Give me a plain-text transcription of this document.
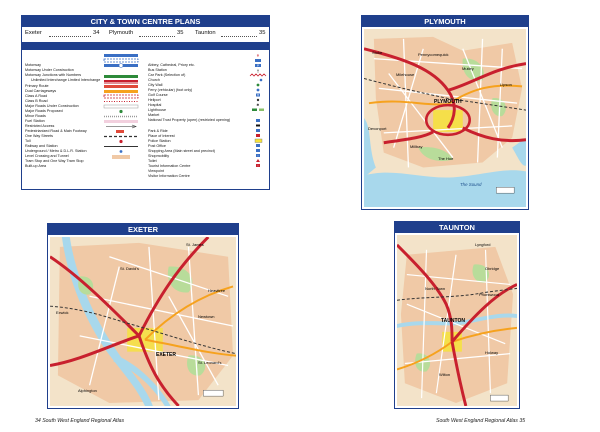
CITY & TOWN CENTRE PLANS
Exeter	34 Plymouth	35 Taunton	35
Reference to Town Plans
Motorway
Motorway Under Construction
Motorway Junctions with Numbers
Unlimited Interchange Limited Interchange
Primary Route
Dual Carriageways
Class A Road
Class B Road
Major Roads Under Construction
Major Roads Proposed
Minor Roads
Fuel Station
Restricted Access
Pedestrianized Road & Main Footway
One Way Streets
Toll
Railway and Station
Underground / Metro & D.L.R. Station
Level Crossing and Tunnel
Tram Stop and One Way Tram Stop
Built-up Area
Abbey, Cathedral, Priory etc.
Bus Station
Car Park (Selection of)
Church
City Wall
Ferry (vehicular) (foot only)
Golf Course
Heliport
Hospital
Lighthouse
Market
National Trust Property (open) (restricted opening)
Park & Ride
Place of Interest
Police Station
Post Office
Shopping Area (Main street and precinct)
Shopmobility
Toilet
Tourist Information Centre
Viewpoint
Visitor Information Centre
✝
P
†
H
✱
i
i
PLYMOUTH
Stoke	Pennycomequick
PLYMOUTH
Mutley
Lipson
Millbay
The Hoe
The Sound
Milehouse
Devonport
EXETER
St. James
St. David's
Newtown
EXETER
St. Leonard's
Heavitree
Exwick
Alphington
TAUNTON
Lyngford
Obridge
North Town
Priorswood
TAUNTON
Holway
Wilton
34 South West England Regional Atlas	South West England Regional Atlas 35
